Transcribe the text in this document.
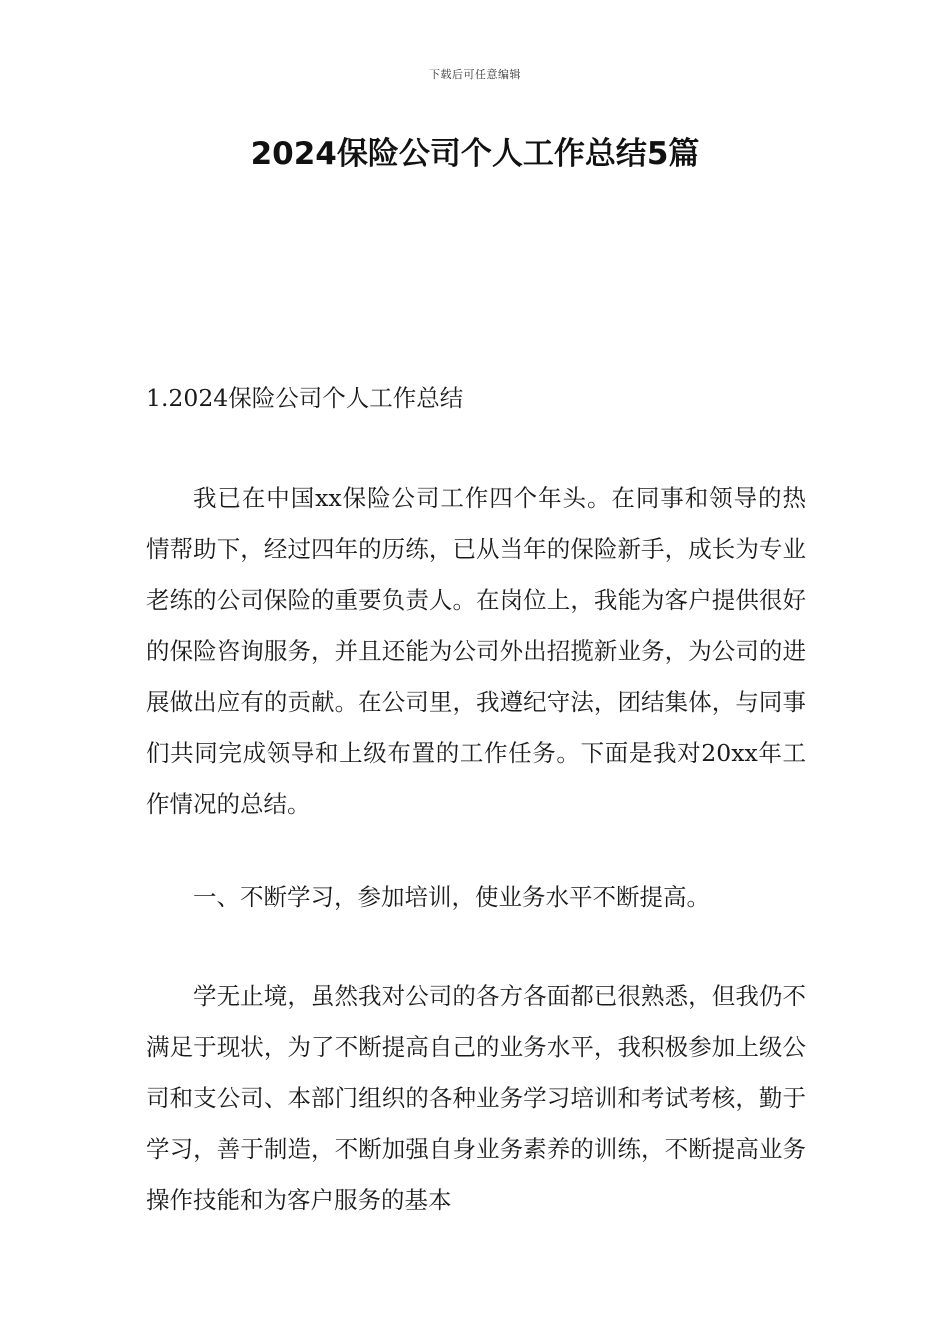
下载后可任意编辑
2024保险公司个人工作总结5篇
1.2024保险公司个人工作总结

我已在中国xx保险公司工作四个年头。在同事和领导的热情帮助下，经过四年的历练，已从当年的保险新手，成长为专业老练的公司保险的重要负责人。在岗位上，我能为客户提供很好的保险咨询服务，并且还能为公司外出招揽新业务，为公司的进展做出应有的贡献。在公司里，我遵纪守法，团结集体，与同事们共同完成领导和上级布置的工作任务。下面是我对20xx年工作情况的总结。

一、不断学习，参加培训，使业务水平不断提高。

学无止境，虽然我对公司的各方各面都已很熟悉，但我仍不满足于现状，为了不断提高自己的业务水平，我积极参加上级公司和支公司、本部门组织的各种业务学习培训和考试考核，勤于学习，善于制造，不断加强自身业务素养的训练，不断提高业务操作技能和为客户服务的基本
